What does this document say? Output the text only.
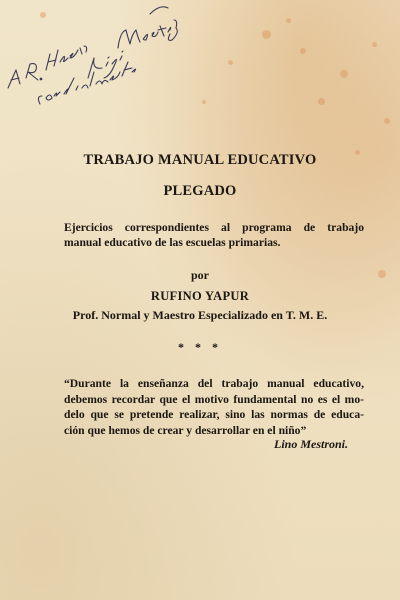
TRABAJO MANUAL EDUCATIVO
PLEGADO
Ejercicios correspondientes al programa de trabajo
manual educativo de las escuelas primarias.
por
RUFINO YAPUR
Prof. Normal y Maestro Especializado en T. M. E.
* * *
“Durante la enseñanza del trabajo manual educativo,
debemos recordar que el motivo fundamental no es el mo-
delo que se pretende realizar, sino las normas de educa-
ción que hemos de crear y desarrollar en el niño”
Lino Mestroni.
